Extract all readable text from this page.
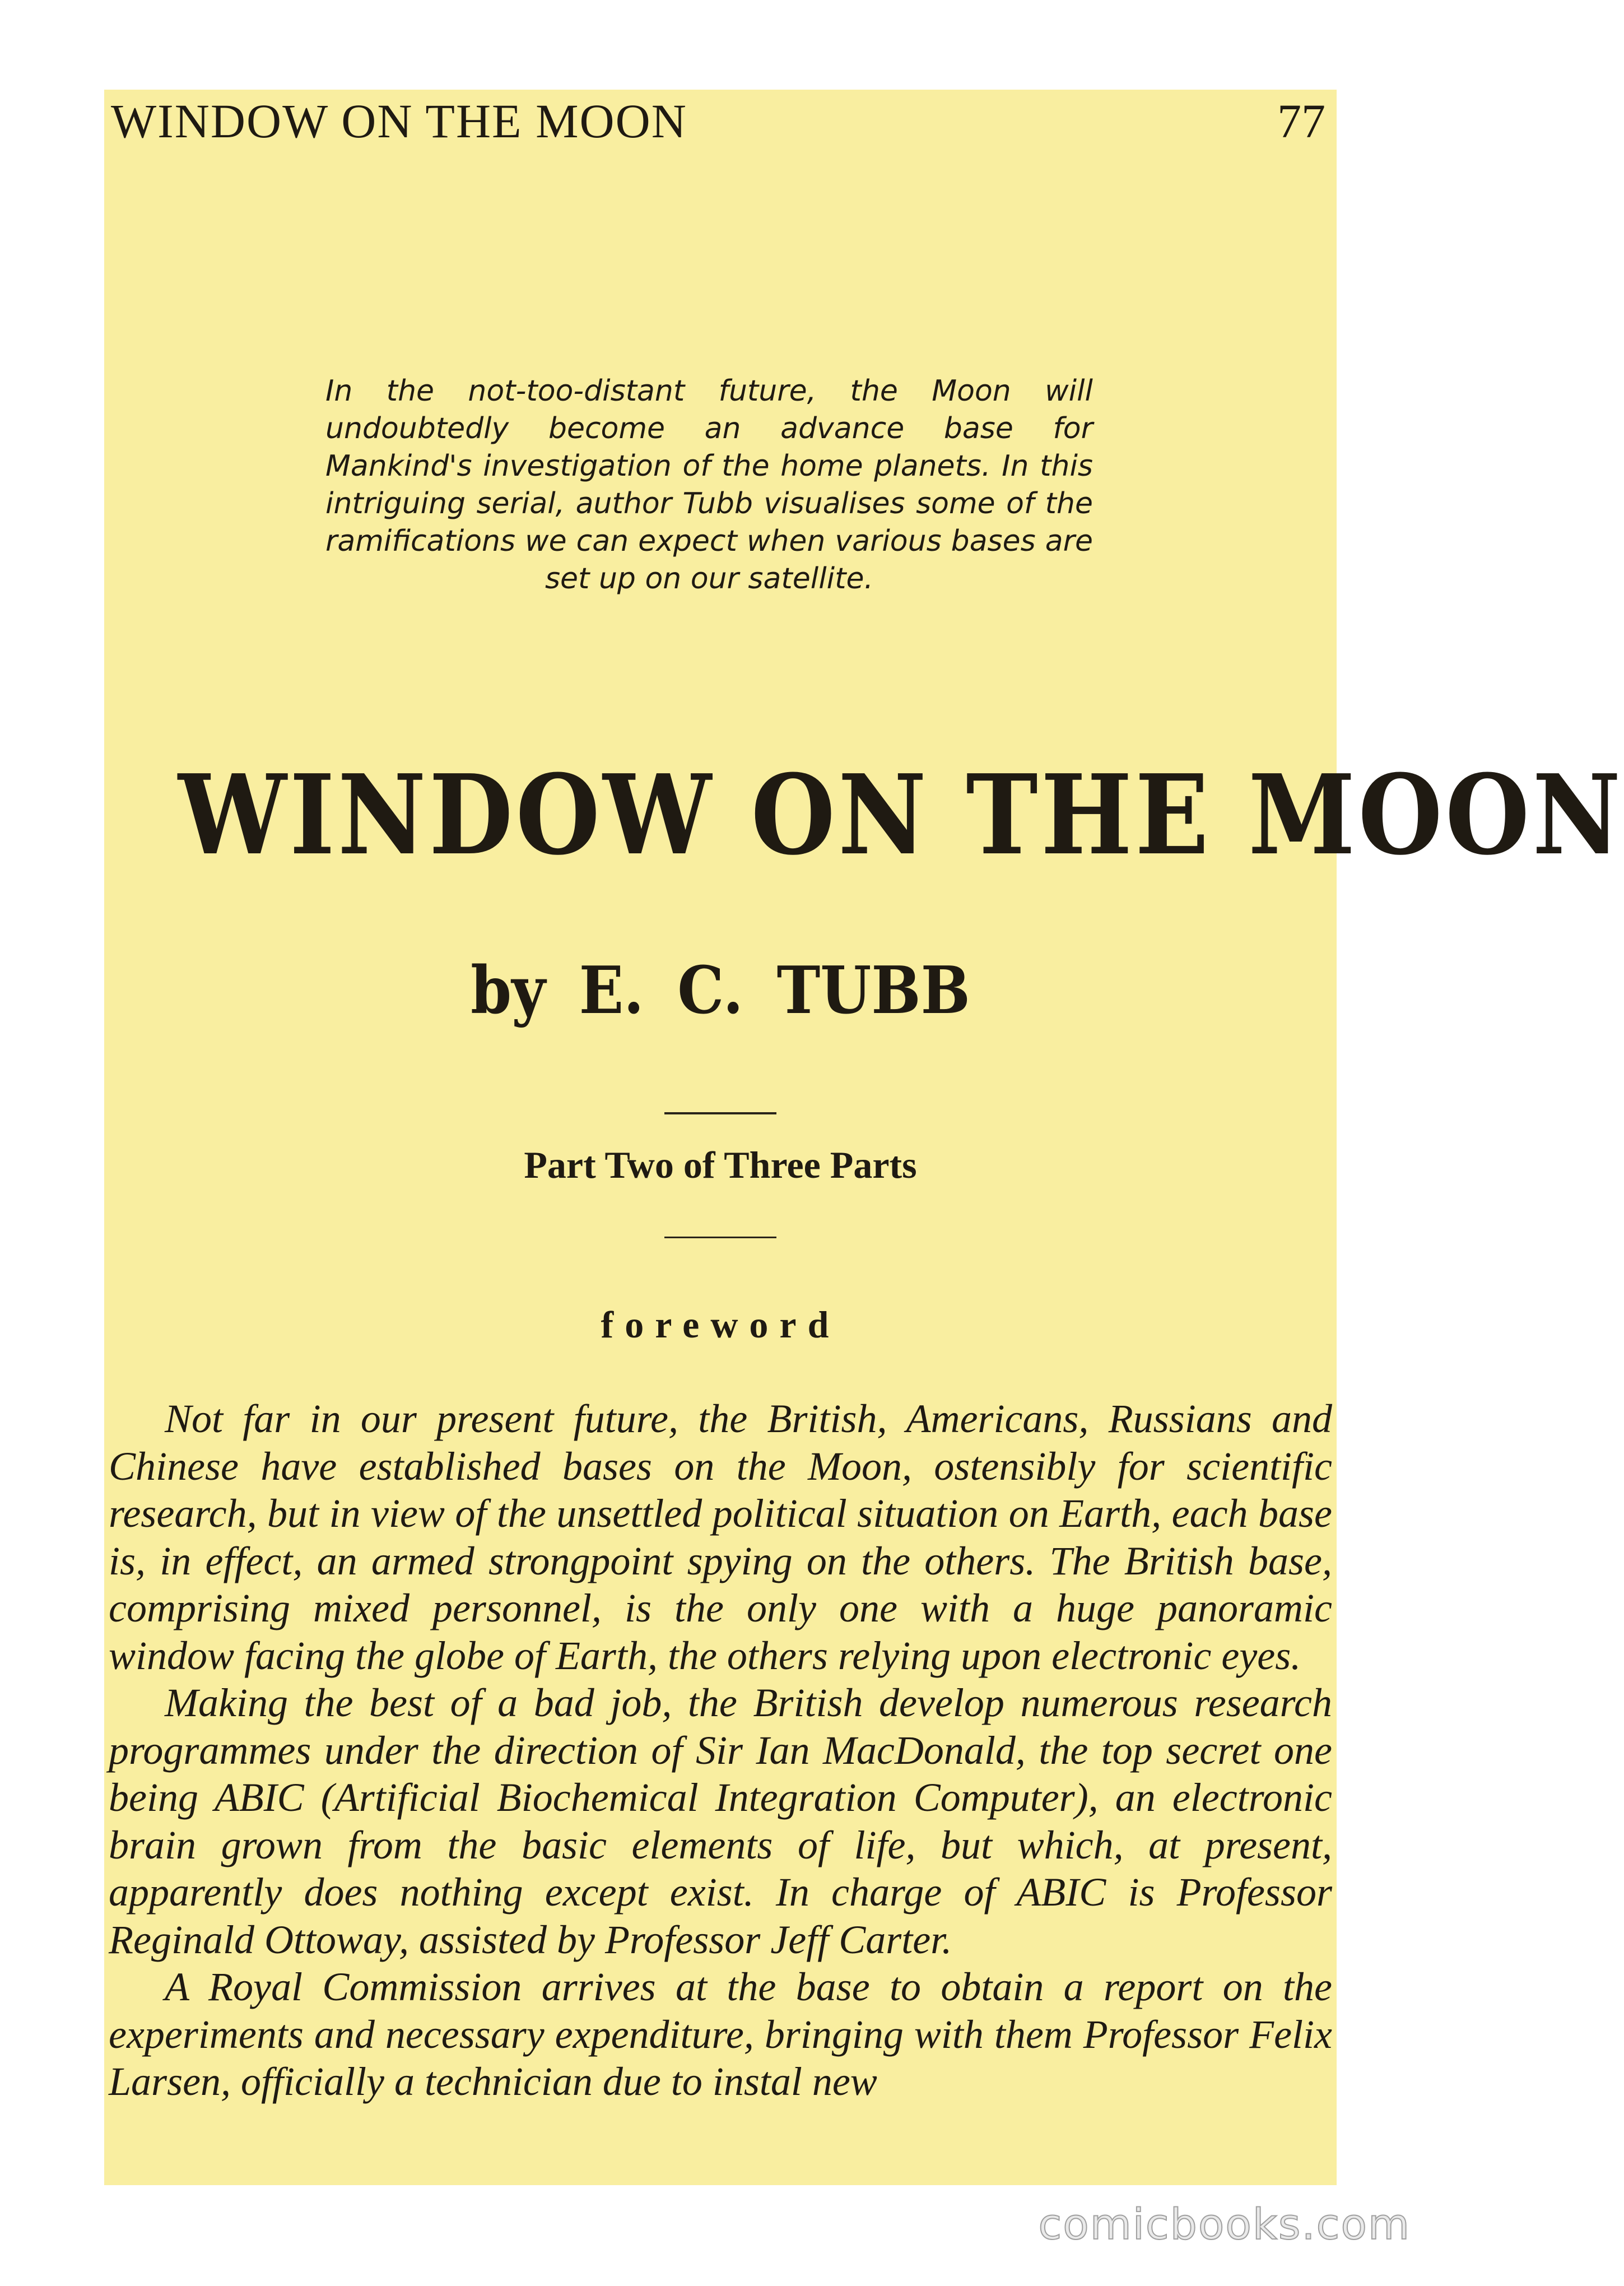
WINDOW ON THE MOON	77
In the not-too-distant future, the Moon will undoubtedly become an advance base for Mankind's investigation of the home planets. In this intriguing serial, author Tubb visualises some of the ramifications we can expect when various bases are set up on our satellite.
WINDOW ON THE MOON
by E. C. TUBB
Part Two of Three Parts
foreword

Not far in our present future, the British, Americans, Russians and Chinese have established bases on the Moon, ostensibly for scientific research, but in view of the unsettled political situation on Earth, each base is, in effect, an armed strongpoint spying on the others. The British base, comprising mixed personnel, is the only one with a huge panoramic window facing the globe of Earth, the others relying upon electronic eyes.

Making the best of a bad job, the British develop numerous research programmes under the direction of Sir Ian MacDonald, the top secret one being ABIC (Artificial Biochemical Integration Computer), an electronic brain grown from the basic elements of life, but which, at present, apparently does nothing except exist. In charge of ABIC is Professor Reginald Ottoway, assisted by Professor Jeff Carter.

A Royal Commission arrives at the base to obtain a report on the experiments and necessary expenditure, bringing with them Professor Felix Larsen, officially a technician due to instal new

comicbooks.com
